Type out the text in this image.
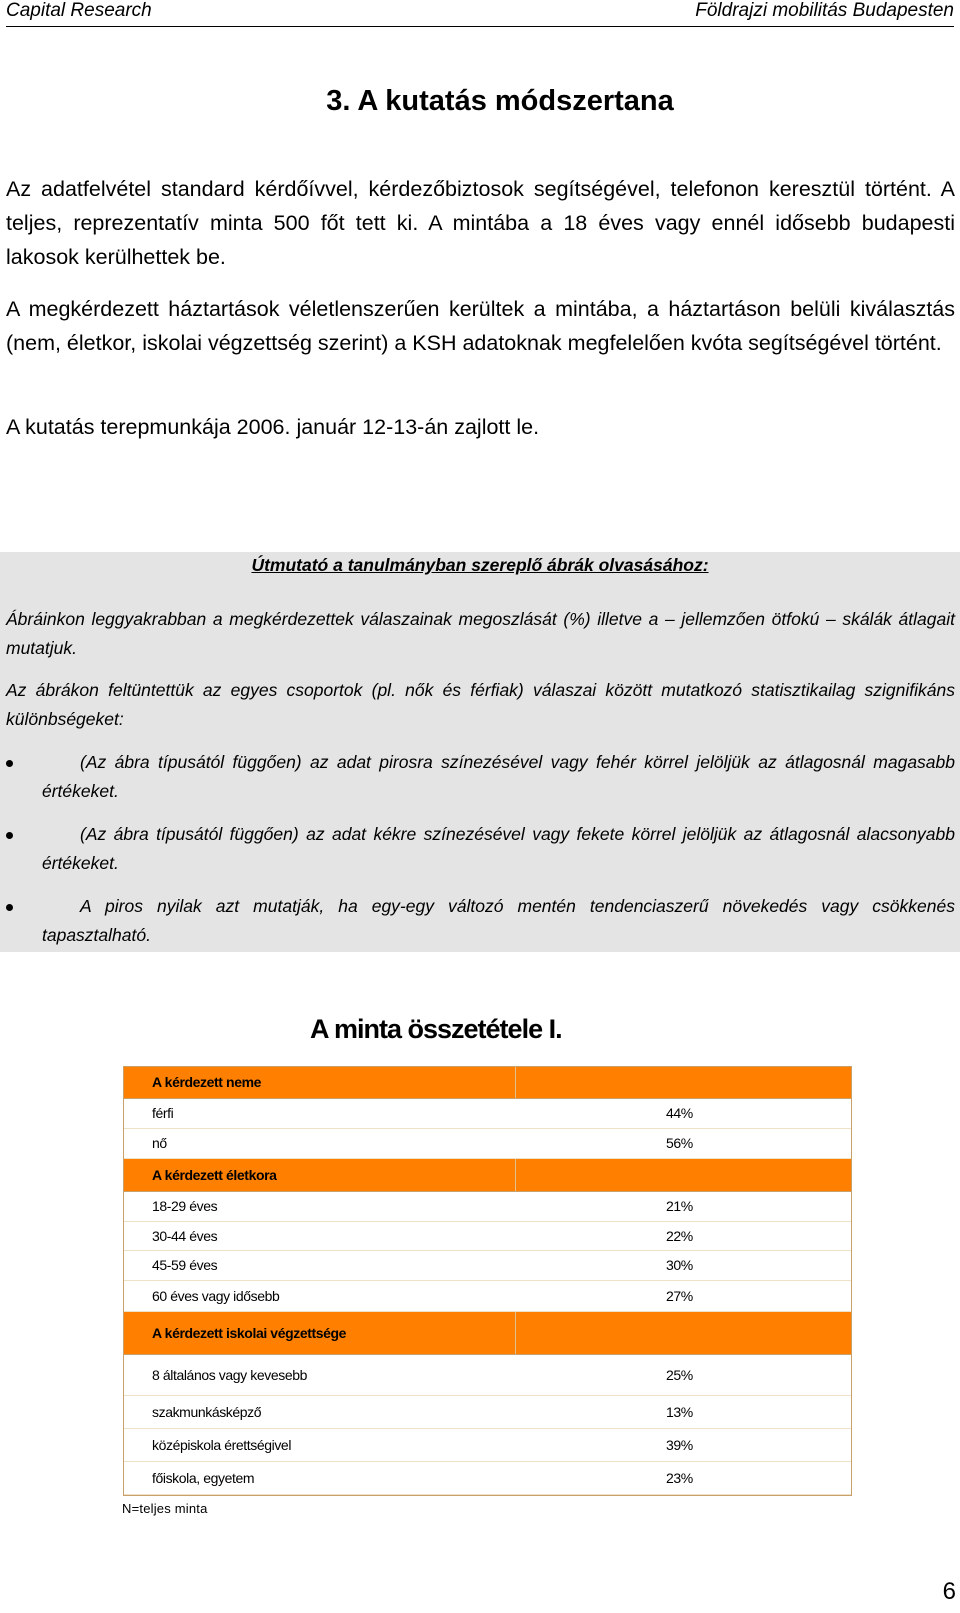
Capital Research	Földrajzi mobilitás Budapesten
3. A kutatás módszertana
Az adatfelvétel standard kérdőívvel, kérdezőbiztosok segítségével, telefonon keresztül történt. A teljes, reprezentatív minta 500 főt tett ki. A mintába a 18 éves vagy ennél idősebb budapesti lakosok kerülhettek be.
A megkérdezett háztartások véletlenszerűen kerültek a mintába, a háztartáson belüli kiválasztás (nem, életkor, iskolai végzettség szerint) a KSH adatoknak megfelelően kvóta segítségével történt.
A kutatás terepmunkája 2006. január 12-13-án zajlott le.
Útmutató a tanulmányban szereplő ábrák olvasásához:
Ábráinkon leggyakrabban a megkérdezettek válaszainak megoszlását (%) illetve a – jellemzően ötfokú – skálák átlagait mutatjuk.
Az ábrákon feltüntettük az egyes csoportok (pl. nők és férfiak) válaszai között mutatkozó statisztikailag szignifikáns különbségeket:
(Az ábra típusától függően) az adat pirosra színezésével vagy fehér körrel jelöljük az átlagosnál magasabb értékeket.
(Az ábra típusától függően) az adat kékre színezésével vagy fekete körrel jelöljük az átlagosnál alacsonyabb értékeket.
A piros nyilak azt mutatják, ha egy-egy változó mentén tendenciaszerű növekedés vagy csökkenés tapasztalható.
A minta összetétele I.
A kérdezett neme
férfi	44%
nő	56%
A kérdezett életkora
18-29 éves	21%
30-44 éves	22%
45-59 éves	30%
60 éves vagy idősebb	27%
A kérdezett iskolai végzettsége
8 általános vagy kevesebb	25%
szakmunkásképző	13%
középiskola érettségivel	39%
főiskola, egyetem	23%
N=teljes minta
6
